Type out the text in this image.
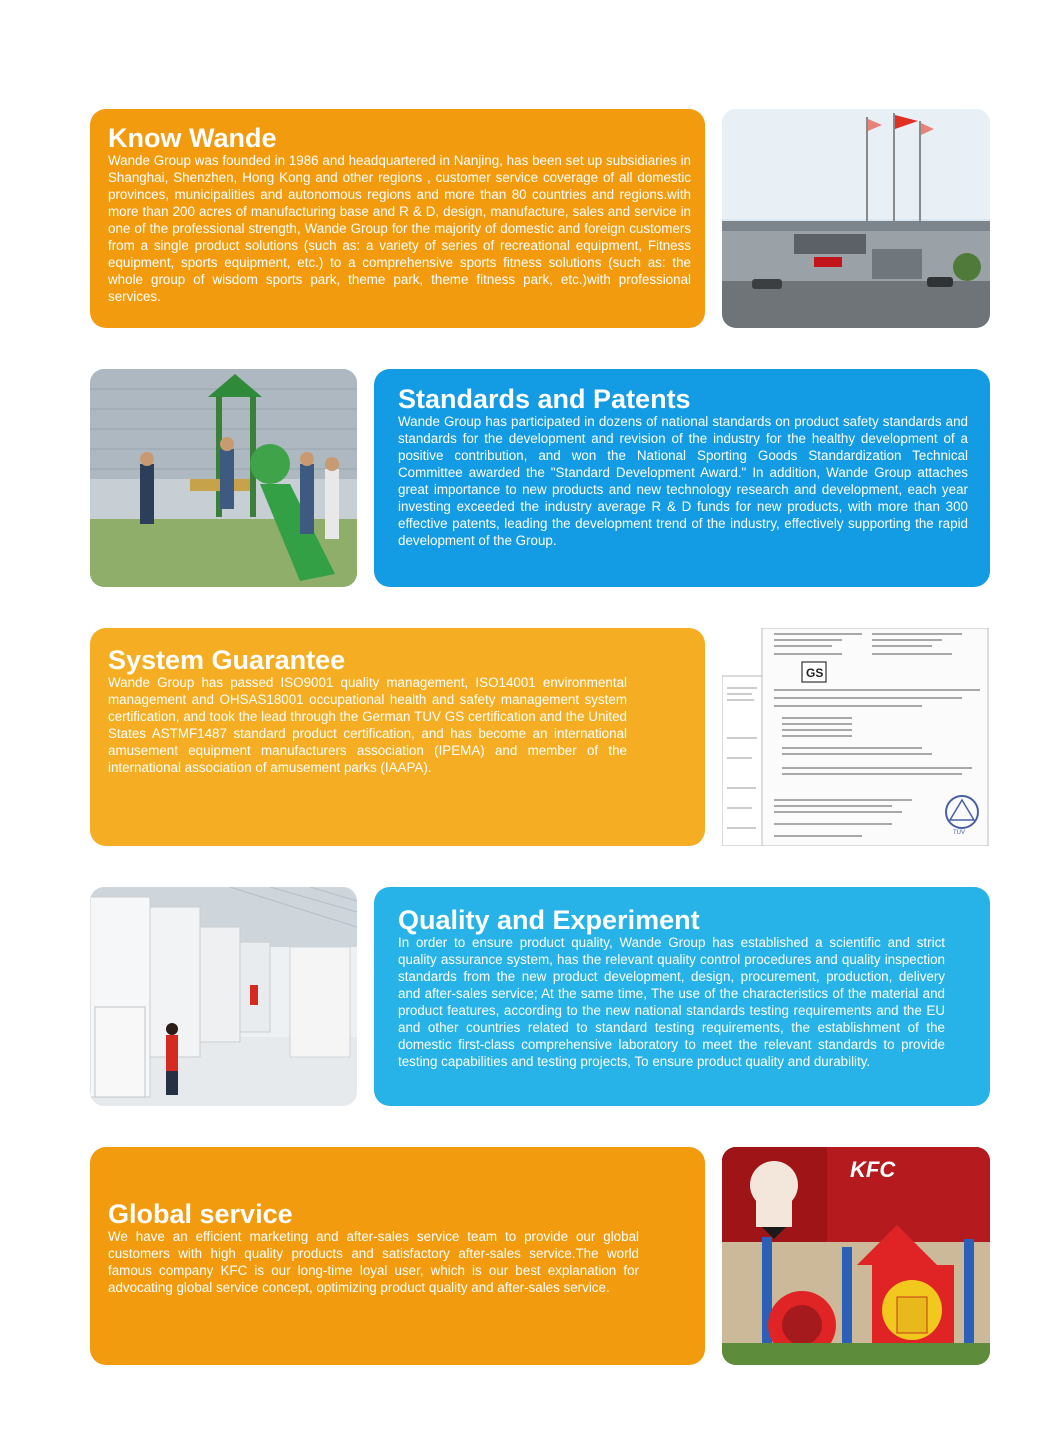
Know Wande

Wande Group was founded in 1986 and headquartered in Nanjing, has been set up subsidiaries in Shanghai, Shenzhen, Hong Kong and other regions , customer service coverage of all domestic provinces, municipalities and autonomous regions and more than 80 countries and regions.with more than 200 acres of manufacturing base and R & D, design, manufacture, sales and service in one of the professional strength, Wande Group for the majority of domestic and foreign customers from a single product solutions (such as: a variety of series of recreational equipment, Fitness equipment, sports equipment, etc.) to a comprehensive sports fitness solutions (such as: the whole group of wisdom sports park, theme park, theme fitness park, etc.)with professional services.

Standards and Patents

Wande Group has participated in dozens of national standards on product safety standards and standards for the development and revision of the industry for the healthy development of a positive contribution, and won the National Sporting Goods Standardization Technical Committee awarded the "Standard Development Award." In addition, Wande Group attaches great importance to new products and new technology research and development, each year investing exceeded the industry average R & D funds for new products, with more than 300 effective patents, leading the development trend of the industry, effectively supporting the rapid development of the Group.

System Guarantee

Wande Group has passed ISO9001 quality management, ISO14001 environmental management and OHSAS18001 occupational health and safety management system certification, and took the lead through the German TUV GS certification and the United States ASTMF1487 standard product certification, and has become an international amusement equipment manufacturers association (IPEMA) and member of the international association of amusement parks (IAAPA).

GS
TÜV
Quality and Experiment

In order to ensure product quality, Wande Group has established a scientific and strict quality assurance system, has the relevant quality control procedures and quality inspection standards from the new product development, design, procurement, production, delivery and after-sales service; At the same time, The use of the characteristics of the material and product features, according to the new national standards testing requirements and the EU and other countries related to standard testing requirements, the establishment of the domestic first-class comprehensive laboratory to meet the relevant standards to provide testing capabilities and testing projects, To ensure product quality and durability.

Global service

We have an efficient marketing and after-sales service team to provide our global customers with high quality products and satisfactory after-sales service.The world famous company KFC is our long-time loyal user, which is our best explanation for advocating global service concept, optimizing product quality and after-sales service.

KFC
